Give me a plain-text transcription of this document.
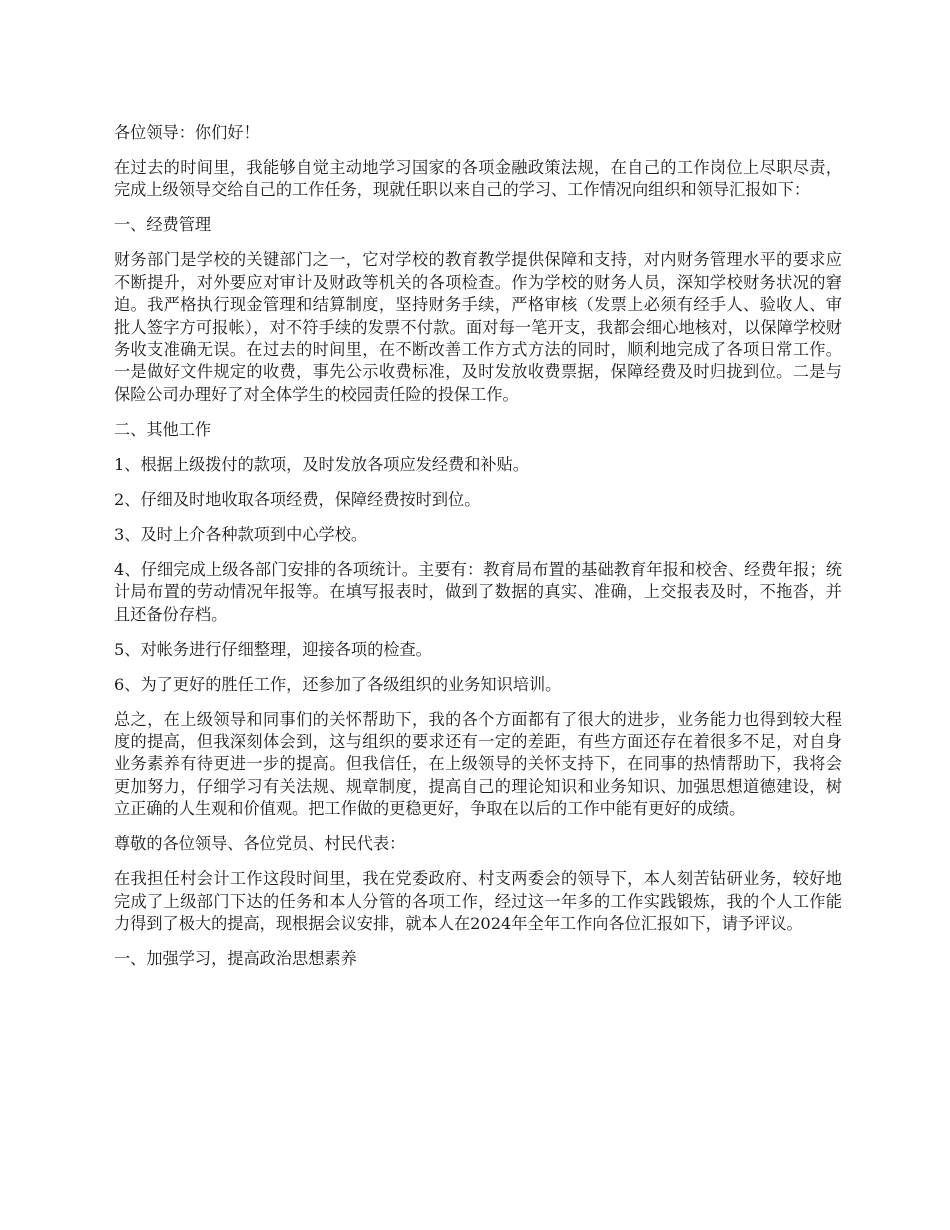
各位领导：你们好！

在过去的时间里，我能够自觉主动地学习国家的各项金融政策法规，在自己的工作岗位上尽职尽责，完成上级领导交给自己的工作任务，现就任职以来自己的学习、工作情况向组织和领导汇报如下：

一、经费管理

财务部门是学校的关键部门之一，它对学校的教育教学提供保障和支持，对内财务管理水平的要求应不断提升，对外要应对审计及财政等机关的各项检查。作为学校的财务人员，深知学校财务状况的窘迫。我严格执行现金管理和结算制度，坚持财务手续，严格审核（发票上必须有经手人、验收人、审批人签字方可报帐），对不符手续的发票不付款。面对每一笔开支，我都会细心地核对，以保障学校财务收支准确无误。在过去的时间里，在不断改善工作方式方法的同时，顺利地完成了各项日常工作。一是做好文件规定的收费，事先公示收费标准，及时发放收费票据，保障经费及时归拢到位。二是与保险公司办理好了对全体学生的校园责任险的投保工作。

二、其他工作

1、根据上级拨付的款项，及时发放各项应发经费和补贴。

2、仔细及时地收取各项经费，保障经费按时到位。

3、及时上介各种款项到中心学校。

4、仔细完成上级各部门安排的各项统计。主要有：教育局布置的基础教育年报和校舍、经费年报；统计局布置的劳动情况年报等。在填写报表时，做到了数据的真实、准确，上交报表及时，不拖沓，并且还备份存档。

5、对帐务进行仔细整理，迎接各项的检查。

6、为了更好的胜任工作，还参加了各级组织的业务知识培训。

总之，在上级领导和同事们的关怀帮助下，我的各个方面都有了很大的进步，业务能力也得到较大程度的提高，但我深刻体会到，这与组织的要求还有一定的差距，有些方面还存在着很多不足，对自身业务素养有待更进一步的提高。但我信任，在上级领导的关怀支持下，在同事的热情帮助下，我将会更加努力，仔细学习有关法规、规章制度，提高自己的理论知识和业务知识、加强思想道德建设，树立正确的人生观和价值观。把工作做的更稳更好，争取在以后的工作中能有更好的成绩。

尊敬的各位领导、各位党员、村民代表：

在我担任村会计工作这段时间里，我在党委政府、村支两委会的领导下，本人刻苦钻研业务，较好地完成了上级部门下达的任务和本人分管的各项工作，经过这一年多的工作实践锻炼，我的个人工作能力得到了极大的提高，现根据会议安排，就本人在2024年全年工作向各位汇报如下，请予评议。

一、加强学习，提高政治思想素养
